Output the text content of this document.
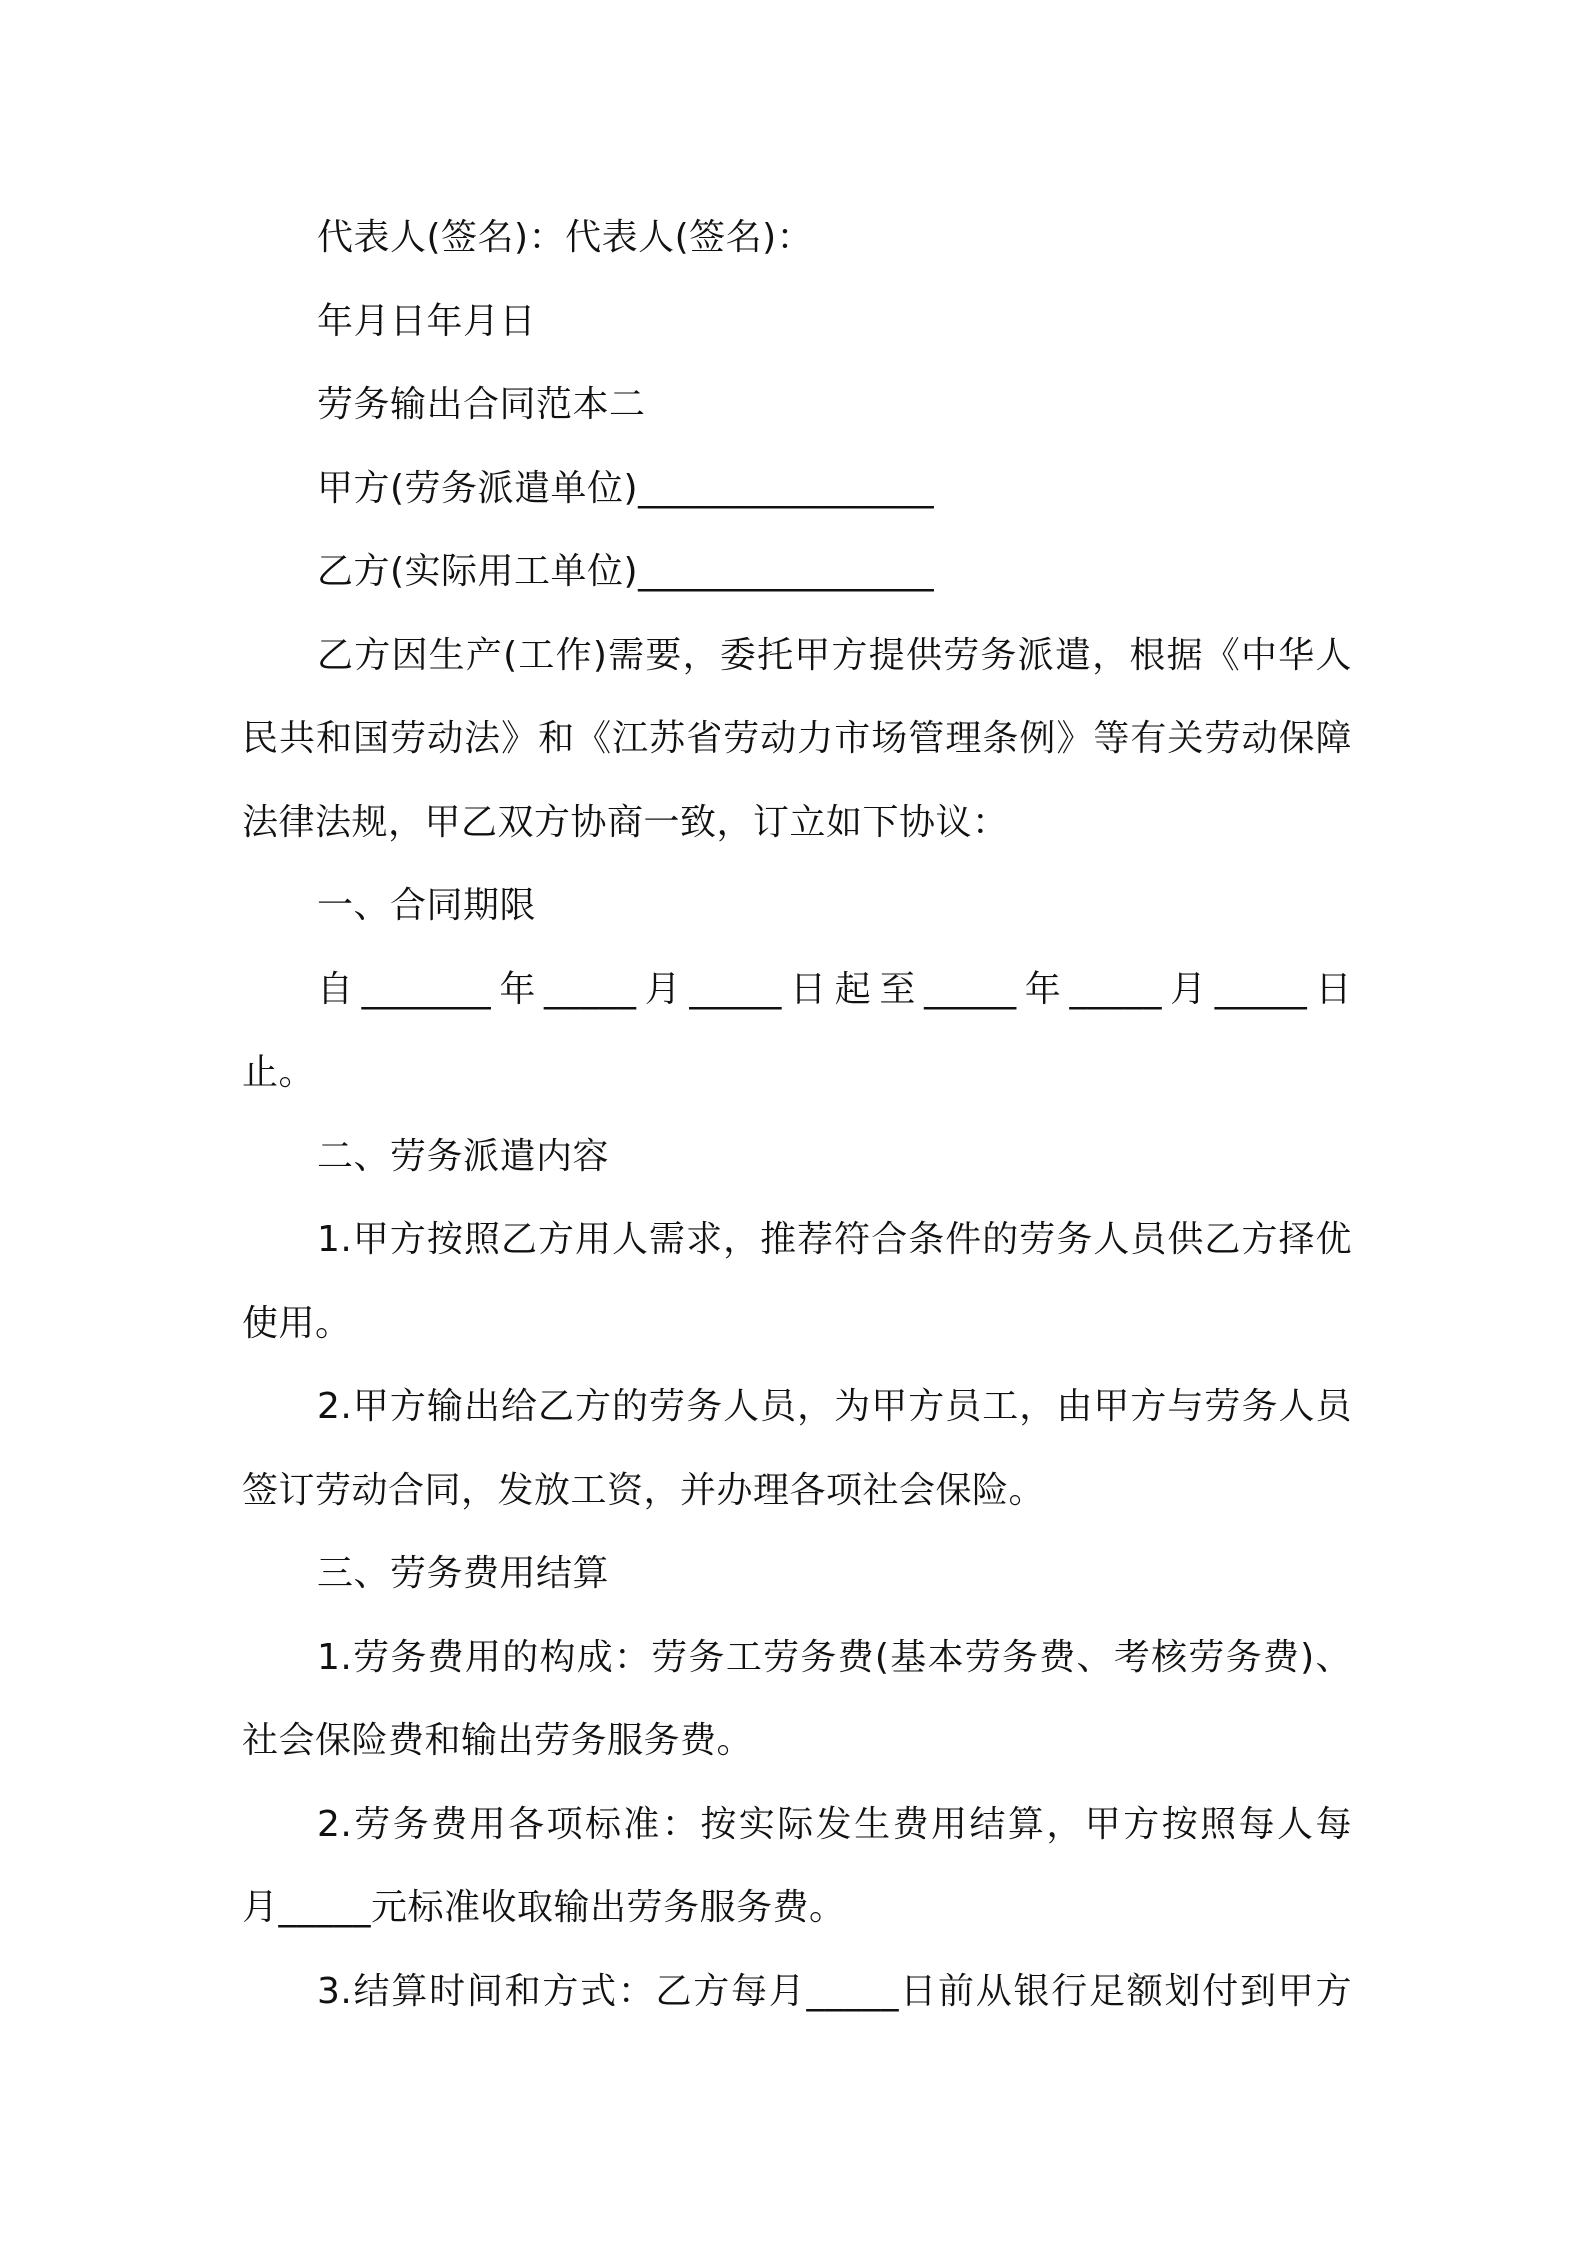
代表人(签名)：代表人(签名)：
年月日年月日
劳务输出合同范本二
甲方(劳务派遣单位)________________
乙方(实际用工单位)________________
乙方因生产(工作)需要，委托甲方提供劳务派遣，根据《中华人
民共和国劳动法》和《江苏省劳动力市场管理条例》等有关劳动保障
法律法规，甲乙双方协商一致，订立如下协议：
一、合同期限
自_______年_____月_____日起至_____年_____月_____日
止。
二、劳务派遣内容
1.甲方按照乙方用人需求，推荐符合条件的劳务人员供乙方择优
使用。
2.甲方输出给乙方的劳务人员，为甲方员工，由甲方与劳务人员
签订劳动合同，发放工资，并办理各项社会保险。
三、劳务费用结算
1.劳务费用的构成：劳务工劳务费(基本劳务费、考核劳务费)、
社会保险费和输出劳务服务费。
2.劳务费用各项标准：按实际发生费用结算，甲方按照每人每
月_____元标准收取输出劳务服务费。
3.结算时间和方式：乙方每月_____日前从银行足额划付到甲方
